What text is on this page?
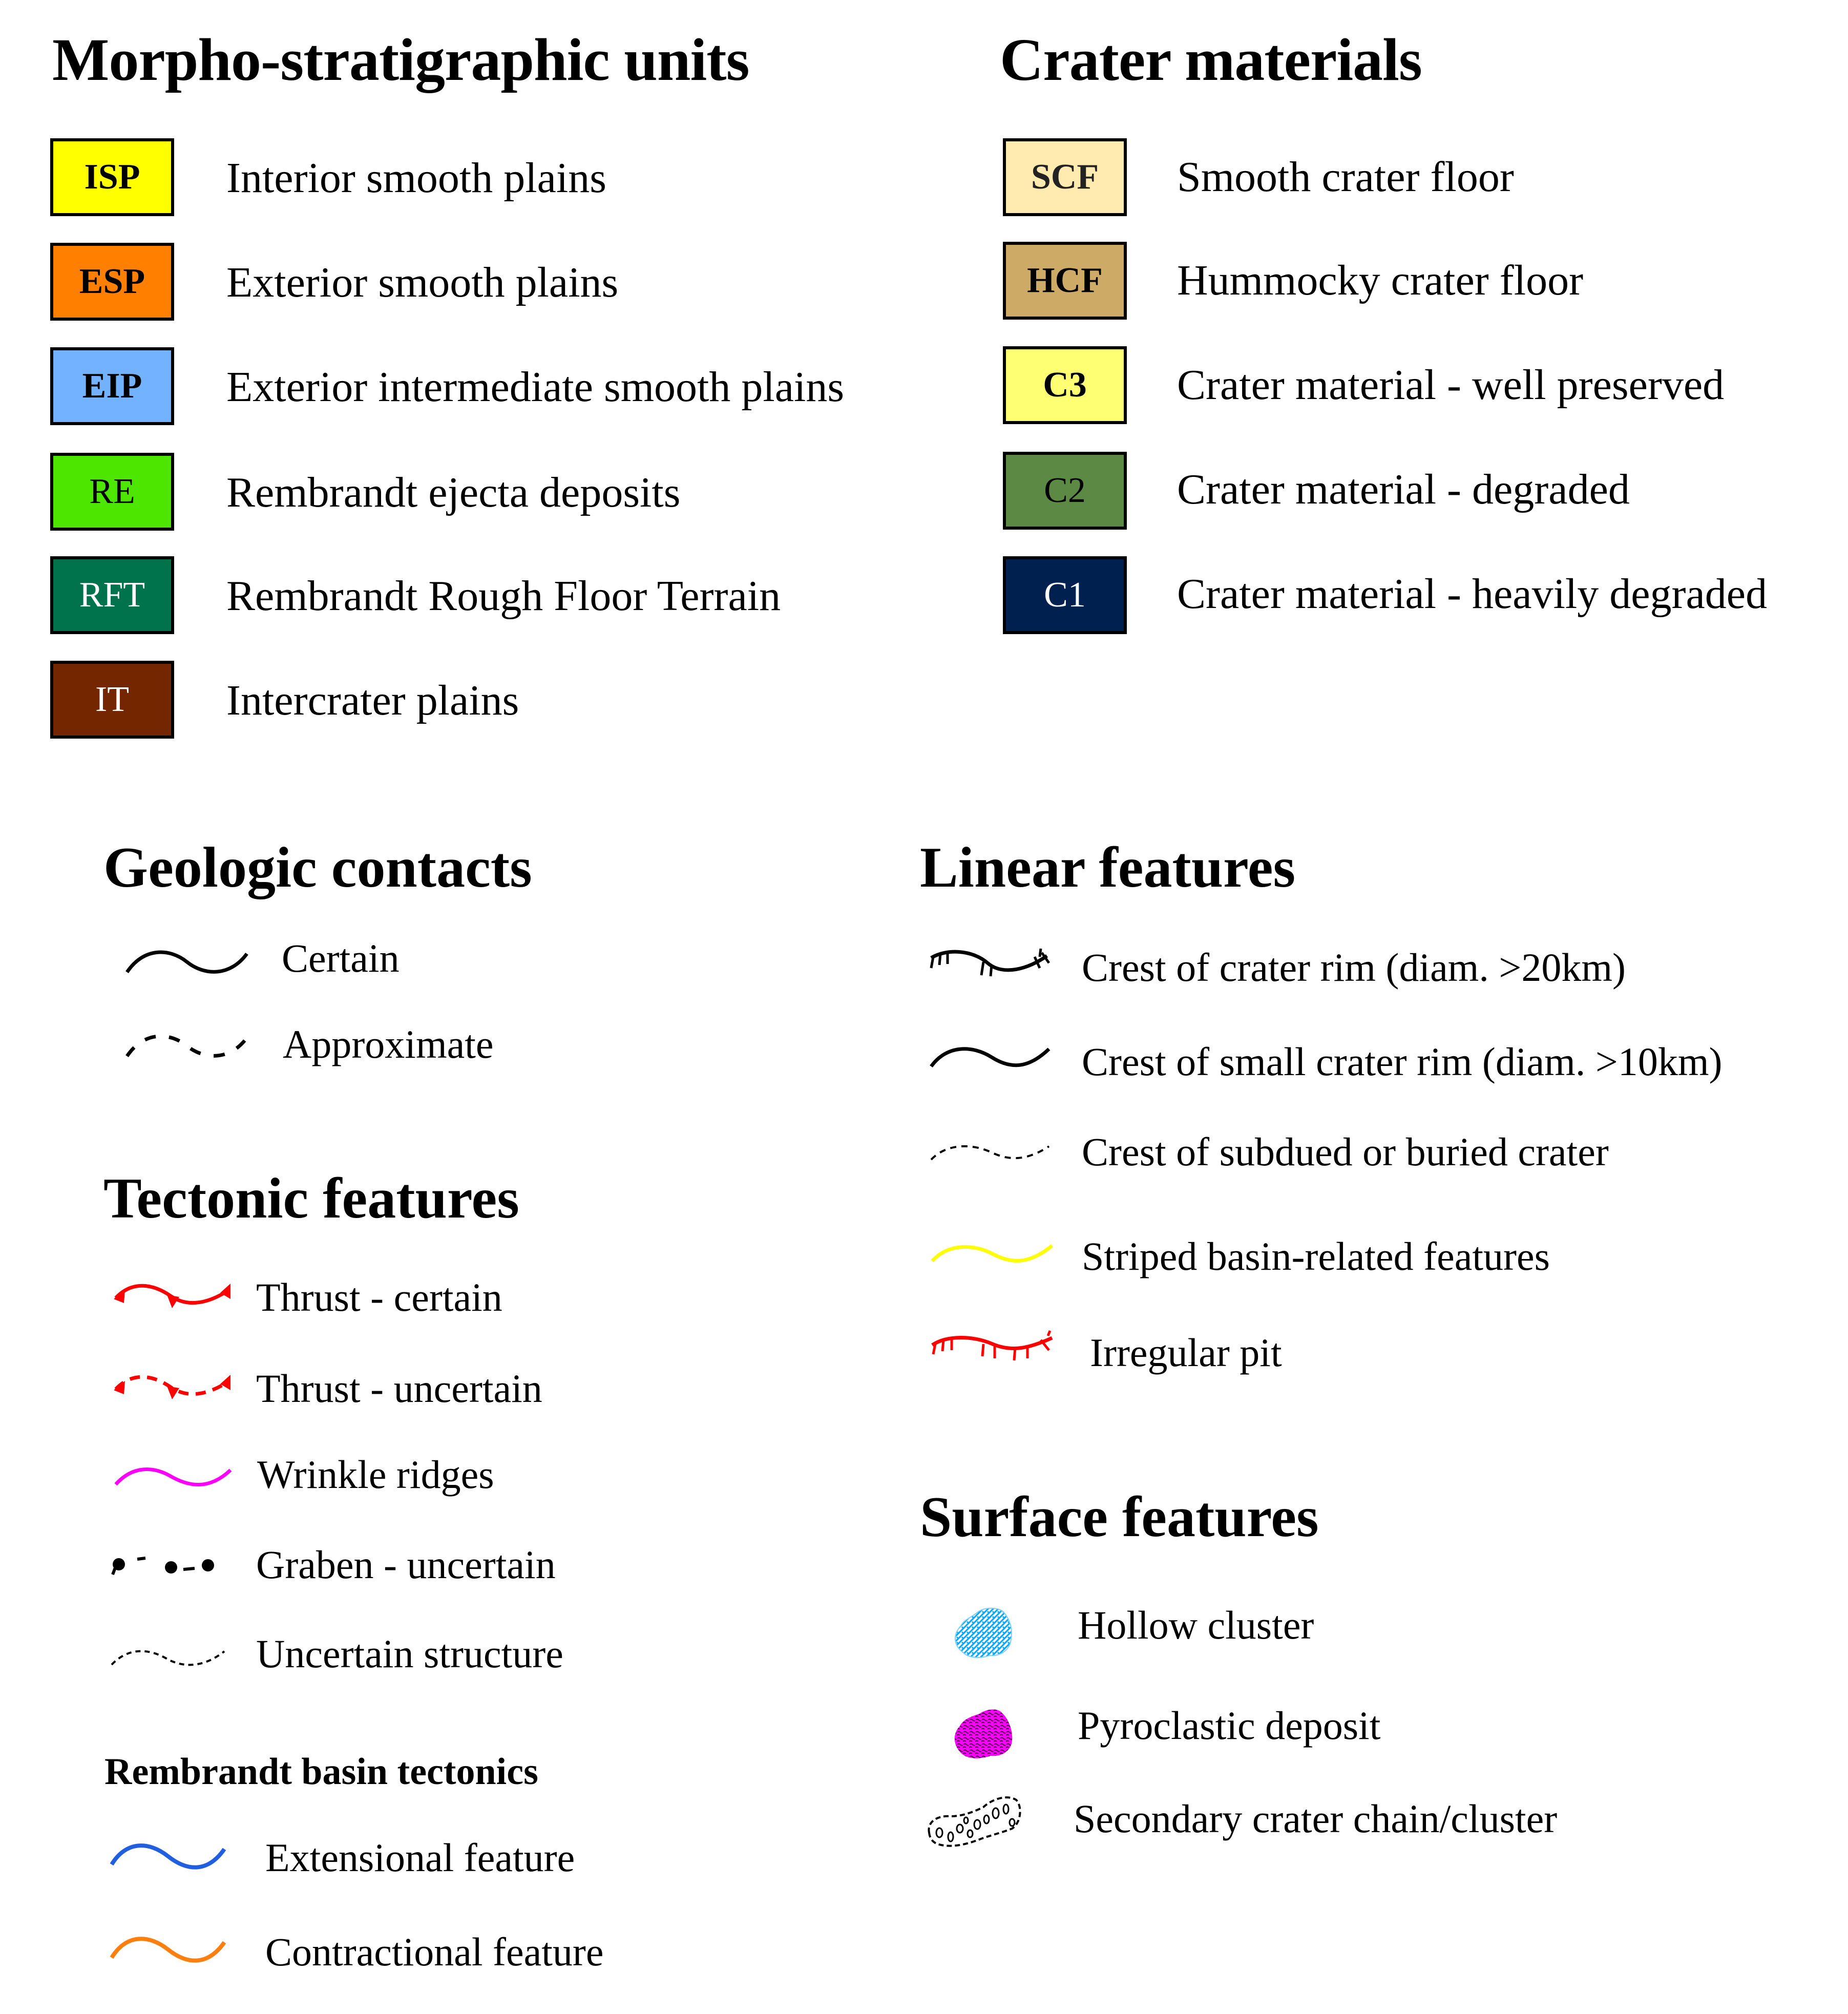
Morpho-stratigraphic units
ISP Interior smooth plains
ESP Exterior smooth plains
EIP Exterior intermediate smooth plains
RE Rembrandt ejecta deposits
RFT Rembrandt Rough Floor Terrain
IT Intercrater plains
Crater materials
SCF Smooth crater floor
HCF Hummocky crater floor
C3 Crater material - well preserved
C2 Crater material - degraded
C1 Crater material - heavily degraded
Geologic contacts
Certain
Approximate
Tectonic features
Thrust - certain
Thrust - uncertain
Wrinkle ridges
Graben - uncertain
Uncertain structure
Rembrandt basin tectonics
Extensional feature
Contractional feature
Linear features
Crest of crater rim (diam. >20km)
Crest of small crater rim (diam. >10km)
Crest of subdued or buried crater
Striped basin-related features
Irregular pit
Surface features
Hollow cluster
Pyroclastic deposit
Secondary crater chain/cluster
